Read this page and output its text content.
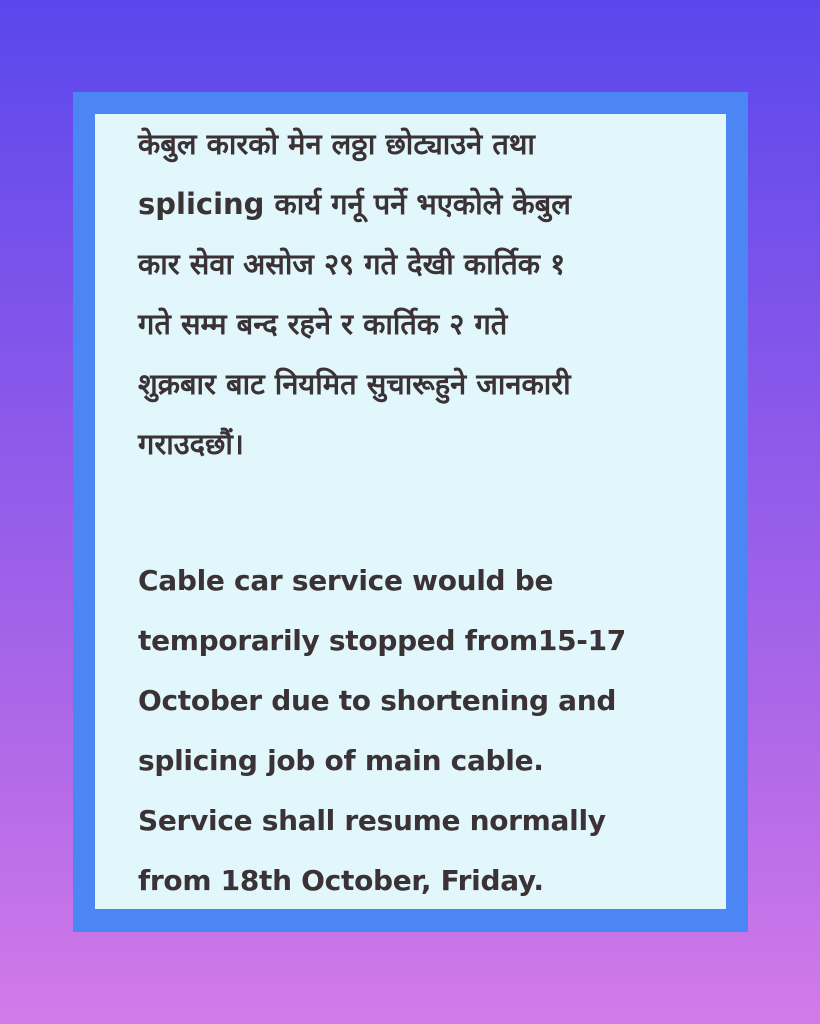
केबुल कारको मेन लठ्ठा छोट्याउने तथा
splicing कार्य गर्नू पर्ने भएकोले केबुल
कार सेवा असोज २९ गते देखी कार्तिक १
गते सम्म बन्द रहने र कार्तिक २ गते
शुक्रबार बाट नियमित सुचारूहुने जानकारी
गराउदछौं।

Cable car service would be
temporarily stopped from15-17
October due to shortening and
splicing job of main cable.
Service shall resume normally
from 18th October, Friday.
